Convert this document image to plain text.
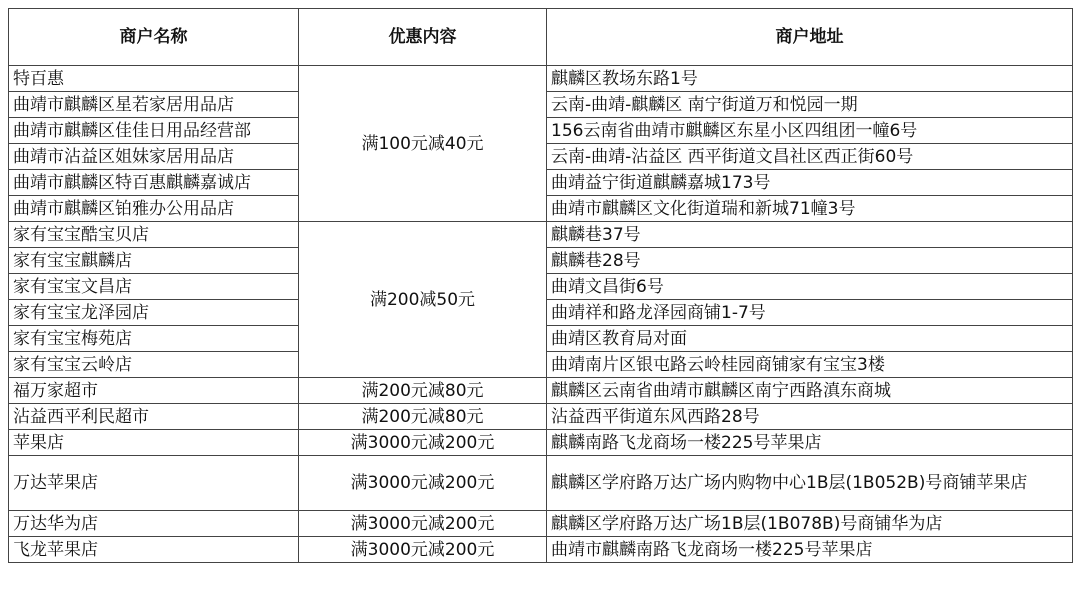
商户名称	优惠内容	商户地址
特百惠	满100元减40元	麒麟区教场东路1号
曲靖市麒麟区星若家居用品店		云南-曲靖-麒麟区 南宁街道万和悦园一期
曲靖市麒麟区佳佳日用品经营部		156云南省曲靖市麒麟区东星小区四组团一幢6号
曲靖市沾益区姐妹家居用品店		云南-曲靖-沾益区 西平街道文昌社区西正街60号
曲靖市麒麟区特百惠麒麟嘉诚店		曲靖益宁街道麒麟嘉城173号
曲靖市麒麟区铂雅办公用品店		曲靖市麒麟区文化街道瑞和新城71幢3号
家有宝宝酷宝贝店	满200减50元	麒麟巷37号
家有宝宝麒麟店		麒麟巷28号
家有宝宝文昌店		曲靖文昌街6号
家有宝宝龙泽园店		曲靖祥和路龙泽园商铺1-7号
家有宝宝梅苑店		曲靖区教育局对面
家有宝宝云岭店		曲靖南片区银屯路云岭桂园商铺家有宝宝3楼
福万家超市	满200元减80元	麒麟区云南省曲靖市麒麟区南宁西路滇东商城
沾益西平利民超市	满200元减80元	沾益西平街道东风西路28号
苹果店	满3000元减200元	麒麟南路飞龙商场一楼225号苹果店
万达苹果店	满3000元减200元	麒麟区学府路万达广场内购物中心1B层(1B052B)号商铺苹果店
万达华为店	满3000元减200元	麒麟区学府路万达广场1B层(1B078B)号商铺华为店
飞龙苹果店	满3000元减200元	曲靖市麒麟南路飞龙商场一楼225号苹果店
